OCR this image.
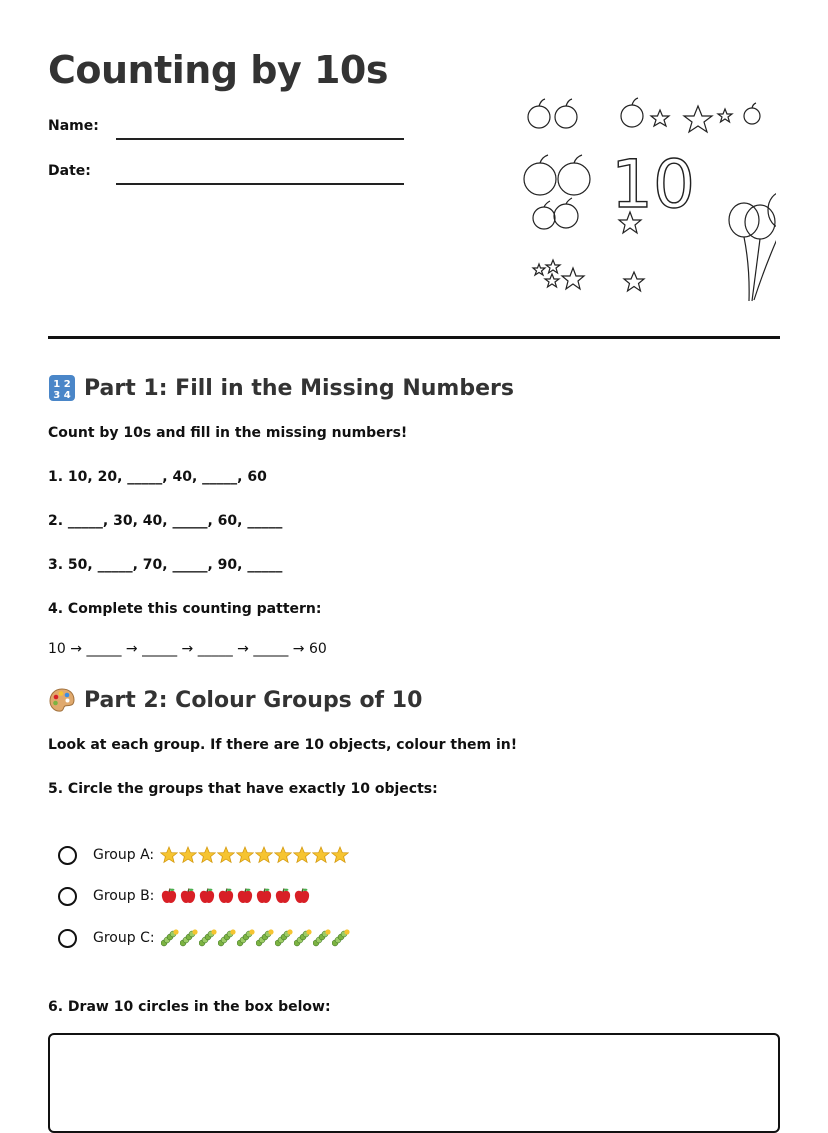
Counting by 10s
Name:
Date:	10
1 2
3 4 Part 1: Fill in the Missing Numbers
Count by 10s and fill in the missing numbers!
1. 10, 20, _____, 40, _____, 60
2. _____, 30, 40, _____, 60, _____
3. 50, _____, 70, _____, 90, _____
4. Complete this counting pattern:
10 → _____ → _____ → _____ → _____ → 60
Part 2: Colour Groups of 10
Look at each group. If there are 10 objects, colour them in!
5. Circle the groups that have exactly 10 objects:
Group A:
Group B:
Group C:
6. Draw 10 circles in the box below:
